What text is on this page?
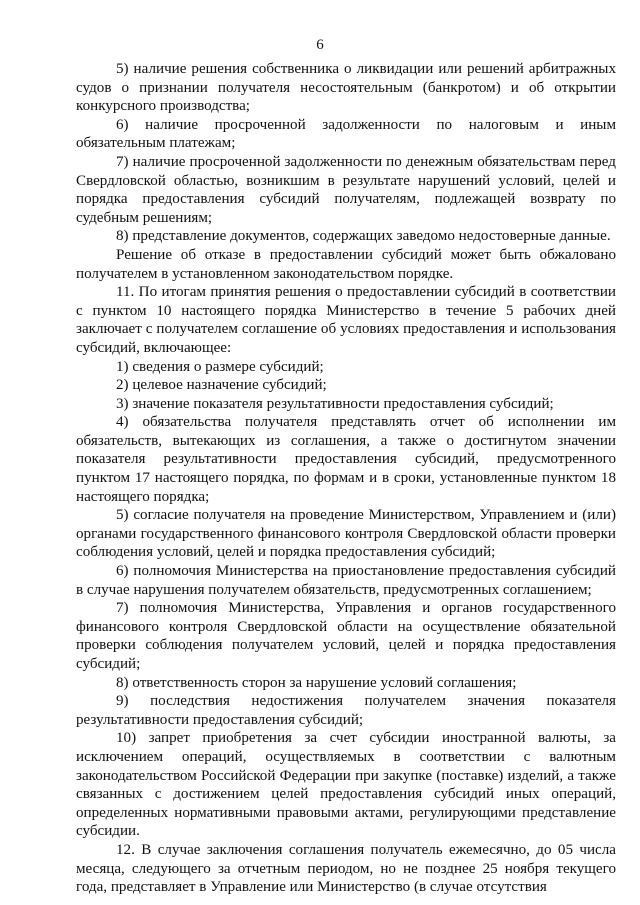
6

5) наличие решения собственника о ликвидации или решений арбитражных судов о признании получателя несостоятельным (банкротом) и об открытии конкурсного производства;

6) наличие просроченной задолженности по налоговым и иным обязательным платежам;

7) наличие просроченной задолженности по денежным обязательствам перед Свердловской областью, возникшим в результате нарушений условий, целей и порядка предоставления субсидий получателям, подлежащей возврату по судебным решениям;

8) представление документов, содержащих заведомо недостоверные данные.

Решение об отказе в предоставлении субсидий может быть обжаловано получателем в установленном законодательством порядке.

11. По итогам принятия решения о предоставлении субсидий в соответствии с пунктом 10 настоящего порядка Министерство в течение 5 рабочих дней заключает с получателем соглашение об условиях предоставления и использования субсидий, включающее:

1) сведения о размере субсидий;

2) целевое назначение субсидий;

3) значение показателя результативности предоставления субсидий;

4) обязательства получателя представлять отчет об исполнении им обязательств, вытекающих из соглашения, а также о достигнутом значении показателя результативности предоставления субсидий, предусмотренного пунктом 17 настоящего порядка, по формам и в сроки, установленные пунктом 18 настоящего порядка;

5) согласие получателя на проведение Министерством, Управлением и (или) органами государственного финансового контроля Свердловской области проверки соблюдения условий, целей и порядка предоставления субсидий;

6) полномочия Министерства на приостановление предоставления субсидий в случае нарушения получателем обязательств, предусмотренных соглашением;

7) полномочия Министерства, Управления и органов государственного финансового контроля Свердловской области на осуществление обязательной проверки соблюдения получателем условий, целей и порядка предоставления субсидий;

8) ответственность сторон за нарушение условий соглашения;

9) последствия недостижения получателем значения показателя результативности предоставления субсидий;

10) запрет приобретения за счет субсидии иностранной валюты, за исключением операций, осуществляемых в соответствии с валютным законодательством Российской Федерации при закупке (поставке) изделий, а также связанных с достижением целей предоставления субсидий иных операций, определенных нормативными правовыми актами, регулирующими представление субсидии.

12. В случае заключения соглашения получатель ежемесячно, до 05 числа месяца, следующего за отчетным периодом, но не позднее 25 ноября текущего года, представляет в Управление или Министерство (в случае отсутствия
